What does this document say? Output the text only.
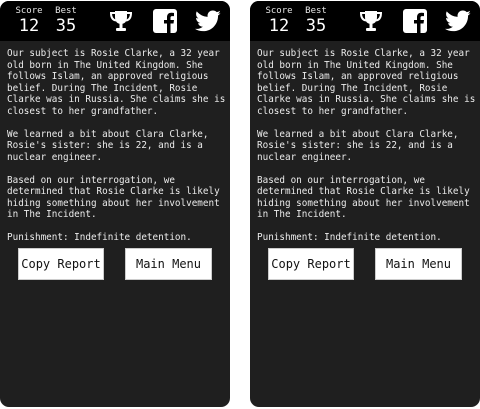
Score
12
Best
35

Our subject is Rosie Clarke, a 32 year old born in The United Kingdom. She follows Islam, an approved religious belief. During The Incident, Rosie Clarke was in Russia. She claims she is closest to her grandfather.

We learned a bit about Clara Clarke, Rosie's sister: she is 22, and is a nuclear engineer.

Based on our interrogation, we determined that Rosie Clarke is likely hiding something about her involvement in The Incident.

Punishment: Indefinite detention.

Copy Report	Main Menu
Score
12
Best
35

Our subject is Rosie Clarke, a 32 year old born in The United Kingdom. She follows Islam, an approved religious belief. During The Incident, Rosie Clarke was in Russia. She claims she is closest to her grandfather.

We learned a bit about Clara Clarke, Rosie's sister: she is 22, and is a nuclear engineer.

Based on our interrogation, we determined that Rosie Clarke is likely hiding something about her involvement in The Incident.

Punishment: Indefinite detention.

Copy Report	Main Menu
